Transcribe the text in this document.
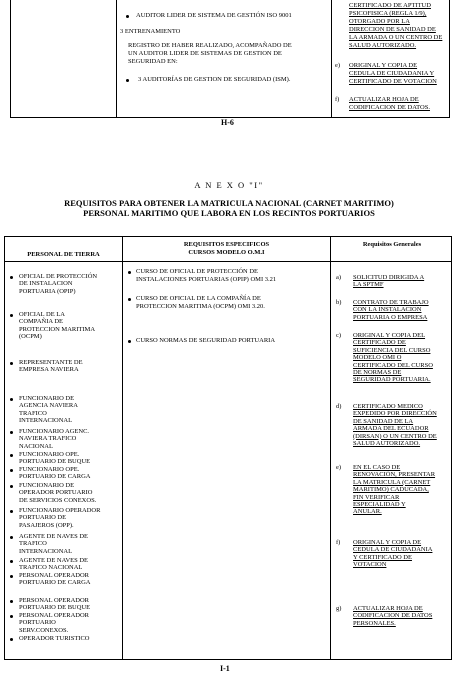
AUDITOR LIDER DE SISTEMA DE GESTIÓN ISO 9001
3 ENTRENAMIENTO
REGISTRO DE HABER REALIZADO, ACOMPAÑADO DE
UN AUDITOR LIDER DE SISTEMAS DE GESTION DE
SEGURIDAD EN:
3 AUDITORÍAS DE GESTION DE SEGURIDAD (ISM).
CERTIFICADO DE APTITUD
PSICOFISICA (REGLA 1/9),
OTORGADO POR LA
DIRECCION DE SANIDAD DE
LA ARMADA O UN CENTRO DE
SALUD AUTORIZADO.
e) ORIGINAL Y COPIA DE
CEDULA DE CIUDADANIA Y
CERTIFICADO DE VOTACION
f) ACTUALIZAR HOJA DE
CODIFICACION DE DATOS.
H-6
A N E X O "I"
REQUISITOS PARA OBTENER LA MATRICULA NACIONAL (CARNET MARITIMO)
PERSONAL MARITIMO QUE LABORA EN LOS RECINTOS PORTUARIOS
PERSONAL DE TIERRA
REQUISITOS ESPECIFICOS
CURSOS MODELO O.M.I
Requisitos Generales
OFICIAL DE PROTECCIÓN
DE INSTALACION
PORTUARIA (OPIP)
OFICIAL DE LA
COMPAÑIA DE
PROTECCION MARITIMA
(OCPM)
REPRESENTANTE DE
EMPRESA NAVIERA
FUNCIONARIO DE
AGENCIA NAVIERA
TRAFICO
INTERNACIONAL
FUNCIONARIO AGENC.
NAVIERA TRAFICO
NACIONAL
FUNCIONARIO OPE.
PORTUARIO DE BUQUE
FUNCIONARIO OPE.
PORTUARIO DE CARGA
FUNCIONARIO DE
OPERADOR PORTUARIO
DE SERVICIOS CONEXOS.
FUNCIONARIO OPERADOR
PORTUARIO DE
PASAJEROS (OPP).
AGENTE DE NAVES DE
TRAFICO
INTERNACIONAL
AGENTE DE NAVES DE
TRAFICO NACIONAL
PERSONAL OPERADOR
PORTUARIO DE CARGA
PERSONAL OPERADOR
PORTUARIO DE BUQUE
PERSONAL OPERADOR
PORTUARIO
SERV.CONEXOS.
OPERADOR TURISTICO
CURSO DE OFICIAL DE PROTECCIÓN DE
INSTALACIONES PORTUARIAS (OPIP) OMI 3.21
CURSO DE OFICIAL DE LA COMPAÑÍA DE
PROTECCION MARITIMA (OCPM) OMI 3.20.
CURSO NORMAS DE SEGURIDAD PORTUARIA
a) SOLICITUD DIRIGIDA A
LA SPTMF
b) CONTRATO DE TRABAJO
CON LA INSTALACION
PORTUARIA O EMPRESA
c) ORIGINAL Y COPIA DEL
CERTIFICADO DE
SUFICIENCIA DEL CURSO
MODELO OMI O
CERTIFICADO DEL CURSO
DE NORMAS DE
SEGURIDAD PORTUARIA.
d) CERTIFICADO MEDICO
EXPEDIDO POR DIRECCIÓN
DE SANIDAD DE LA
ARMADA DEL ECUADOR
(DIRSAN) O UN CENTRO DE
SALUD AUTORIZADO.
e) EN EL CASO DE
RENOVACIÓN, PRESENTAR
LA MATRICULA (CARNET
MARITIMO) CADUCADA,
FIN VERIFICAR
ESPECIALIDAD Y
ANULAR.
f) ORIGINAL Y COPIA DE
CEDULA DE CIUDADANIA
Y CERTIFICADO DE
VOTACION
g) ACTUALIZAR HOJA DE
CODIFICACION DE DATOS
PERSONALES.
I-1
